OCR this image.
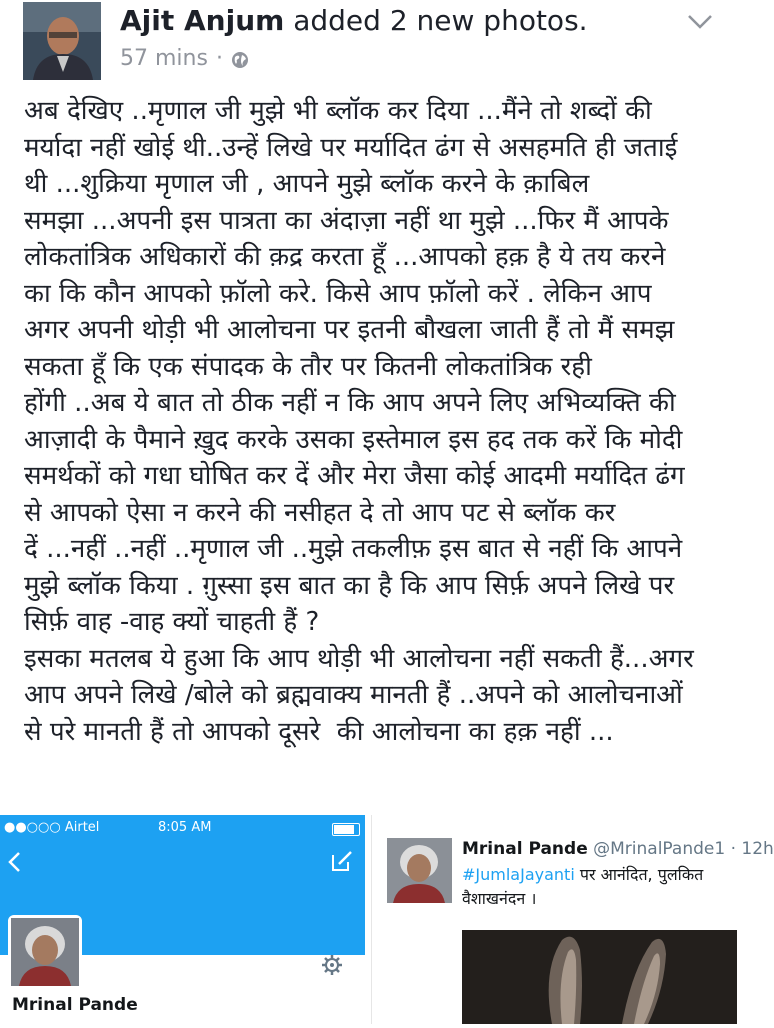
Ajit Anjum added 2 new photos.
57 mins ·
अब देखिए ..मृणाल जी मुझे भी ब्लॉक कर दिया ...मैंने तो शब्दों की
मर्यादा नहीं खोई थी..उन्हें लिखे पर मर्यादित ढंग से असहमति ही जताई
थी ...शुक्रिया मृणाल जी , आपने मुझे ब्लॉक करने के क़ाबिल
समझा ...अपनी इस पात्रता का अंदाज़ा नहीं था मुझे ...फिर मैं आपके
लोकतांत्रिक अधिकारों की क़द्र करता हूँ ...आपको हक़ है ये तय करने
का कि कौन आपको फ़ॉलो करे. किसे आप फ़ॉलो करें . लेकिन आप
अगर अपनी थोड़ी भी आलोचना पर इतनी बौखला जाती हैं तो मैं समझ
सकता हूँ कि एक संपादक के तौर पर कितनी लोकतांत्रिक रही
होंगी ..अब ये बात तो ठीक नहीं न कि आप अपने लिए अभिव्यक्ति की
आज़ादी के पैमाने ख़ुद करके उसका इस्तेमाल इस हद तक करें कि मोदी
समर्थकों को गधा घोषित कर दें और मेरा जैसा कोई आदमी मर्यादित ढंग
से आपको ऐसा न करने की नसीहत दे तो आप पट से ब्लॉक कर
दें ...नहीं ..नहीं ..मृणाल जी ..मुझे तकलीफ़ इस बात से नहीं कि आपने
मुझे ब्लॉक किया . ग़ुस्सा इस बात का है कि आप सिर्फ़ अपने लिखे पर
सिर्फ़ वाह -वाह क्यों चाहती हैं ?
इसका मतलब ये हुआ कि आप थोड़ी भी आलोचना नहीं सकती हैं...अगर
आप अपने लिखे /बोले को ब्रह्मवाक्य मानती हैं ..अपने को आलोचनाओं
से परे मानती हैं तो आपको दूसरे  की आलोचना का हक़ नहीं ...
●●○○○ Airtel	8:05 AM
Mrinal Pande
Mrinal Pande @MrinalPande1 · 12h
#JumlaJayanti पर आनंदित, पुलकित
वैशाखनंदन ।
